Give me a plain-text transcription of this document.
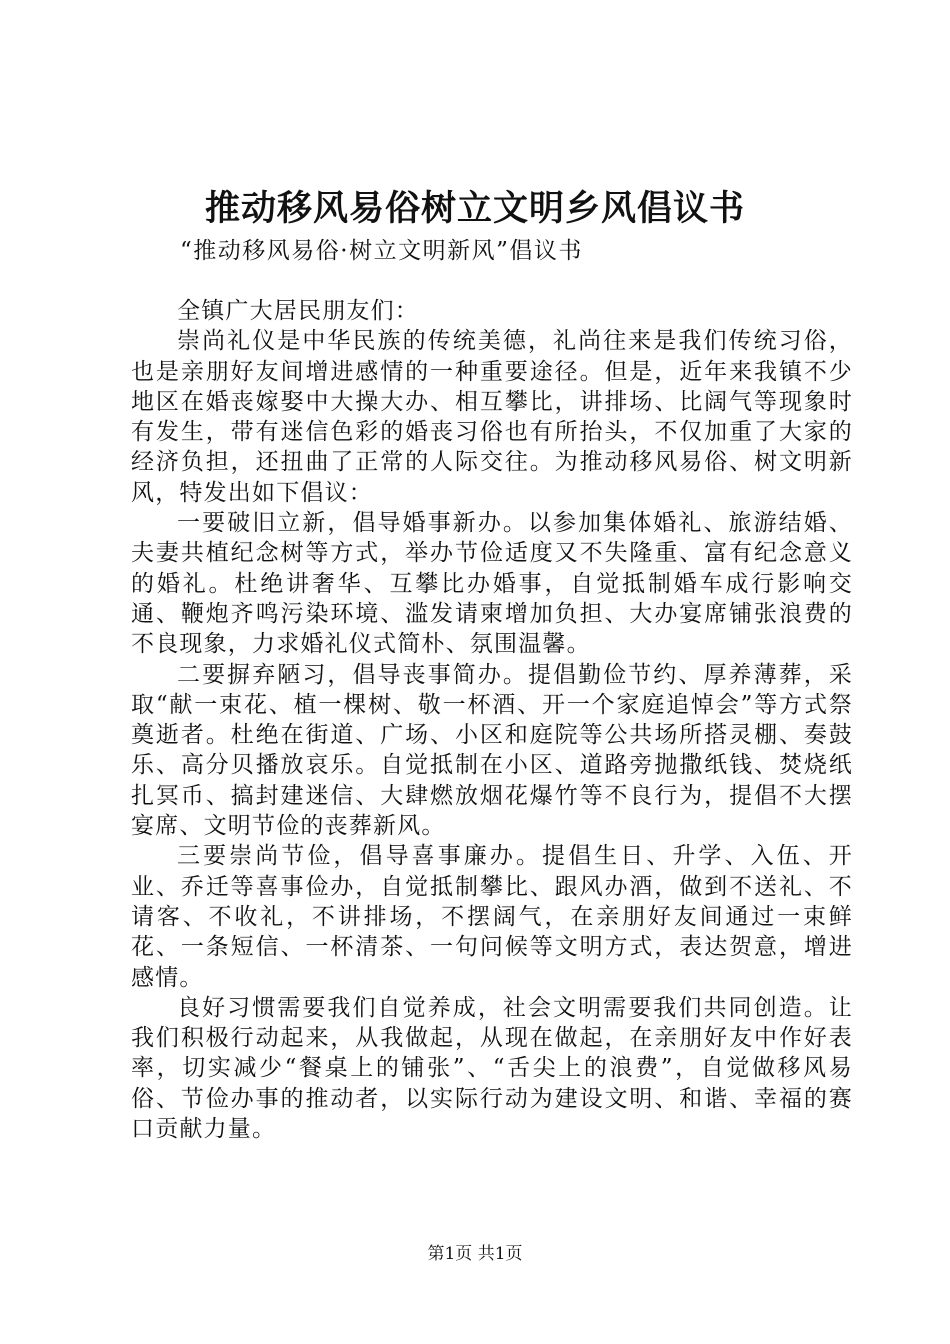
推动移风易俗树立文明乡风倡议书
“推动移风易俗·树立文明新风”倡议书

全镇广大居民朋友们：

崇尚礼仪是中华民族的传统美德，礼尚往来是我们传统习俗，也是亲朋好友间增进感情的一种重要途径。但是，近年来我镇不少地区在婚丧嫁娶中大操大办、相互攀比，讲排场、比阔气等现象时有发生，带有迷信色彩的婚丧习俗也有所抬头，不仅加重了大家的经济负担，还扭曲了正常的人际交往。为推动移风易俗、树文明新风，特发出如下倡议：

一要破旧立新，倡导婚事新办。以参加集体婚礼、旅游结婚、夫妻共植纪念树等方式，举办节俭适度又不失隆重、富有纪念意义的婚礼。杜绝讲奢华、互攀比办婚事，自觉抵制婚车成行影响交通、鞭炮齐鸣污染环境、滥发请柬增加负担、大办宴席铺张浪费的不良现象，力求婚礼仪式简朴、氛围温馨。

二要摒弃陋习，倡导丧事简办。提倡勤俭节约、厚养薄葬，采取“献一束花、植一棵树、敬一杯酒、开一个家庭追悼会”等方式祭奠逝者。杜绝在街道、广场、小区和庭院等公共场所搭灵棚、奏鼓乐、高分贝播放哀乐。自觉抵制在小区、道路旁抛撒纸钱、焚烧纸扎冥币、搞封建迷信、大肆燃放烟花爆竹等不良行为，提倡不大摆宴席、文明节俭的丧葬新风。

三要崇尚节俭，倡导喜事廉办。提倡生日、升学、入伍、开业、乔迁等喜事俭办，自觉抵制攀比、跟风办酒，做到不送礼、不请客、不收礼，不讲排场，不摆阔气，在亲朋好友间通过一束鲜花、一条短信、一杯清茶、一句问候等文明方式，表达贺意，增进感情。

良好习惯需要我们自觉养成，社会文明需要我们共同创造。让我们积极行动起来，从我做起，从现在做起，在亲朋好友中作好表率，切实减少“餐桌上的铺张”、“舌尖上的浪费”，自觉做移风易俗、节俭办事的推动者，以实际行动为建设文明、和谐、幸福的赛口贡献力量。

第1页 共1页
